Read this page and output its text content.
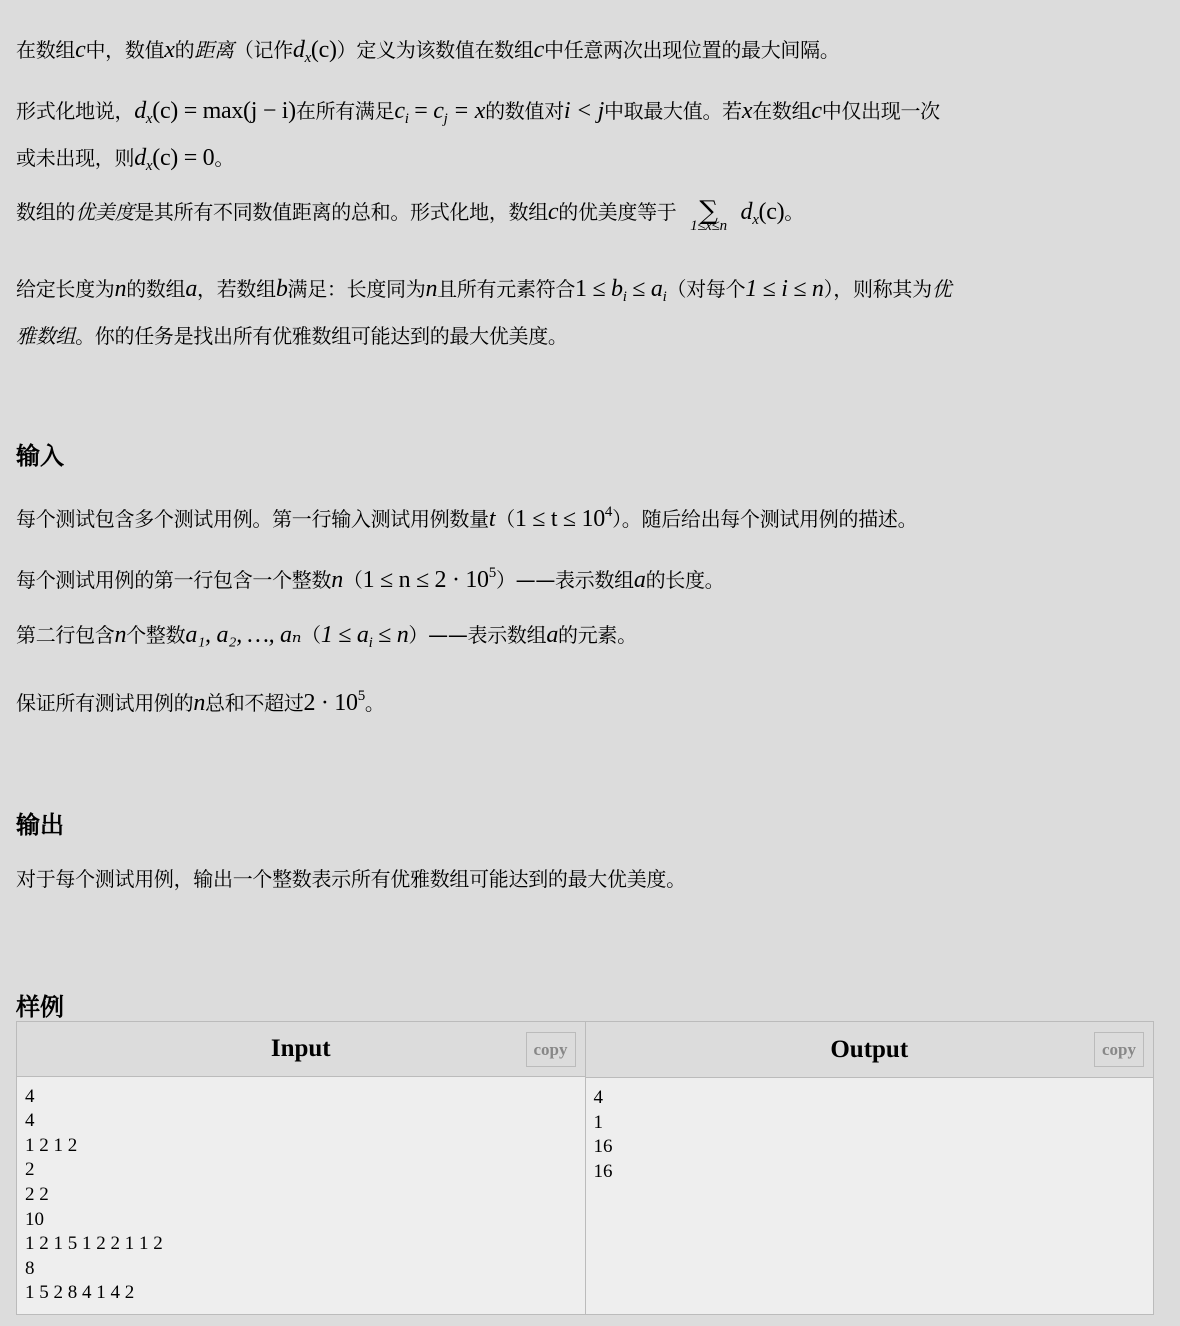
在数组c中，数值x的距离（记作$d_x(c)$）定义为该数值在数组c中任意两次出现位置的最大间隔。
形式化地说，$d_x(c) = \max(j - i)$在所有满足$c_i = c_j = x$的数值对i < j中取最大值。若x在数组c中仅出现一次
或未出现，则$d_x(c) = 0$。
数组的优美度是其所有不同数值距离的总和。形式化地，数组c的优美度等于 ∑
1≤x≤n
$d_x(c)$。
给定长度为n的数组a，若数组b满足：长度同为n且所有元素符合$1 \le b_i \le a_i$（对每个1 ≤ i ≤ n），则称其为优
雅数组。你的任务是找出所有优雅数组可能达到的最大优美度。
输入
每个测试包含多个测试用例。第一行输入测试用例数量$t(1 \le t \le 10^4)$。随后给出每个测试用例的描述。
每个测试用例的第一行包含一个整数$n(1 \le n \le 2 \cdot 10^5)——$表示数组a的长度。
第二行包含n个整数a₁, a₂, …, $a_n(1 \le a_i$ ≤ n）——表示数组a的元素。
保证所有测试用例的n总和不超过$2 \cdot 10^5$。
输出
对于每个测试用例，输出一个整数表示所有优雅数组可能达到的最大优美度。
样例
Input	copy
4
4
1 2 1 2
2
2 2
10
1 2 1 5 1 2 2 1 1 2
8
1 5 2 8 4 1 4 2
Output	copy
4
1
16
16
